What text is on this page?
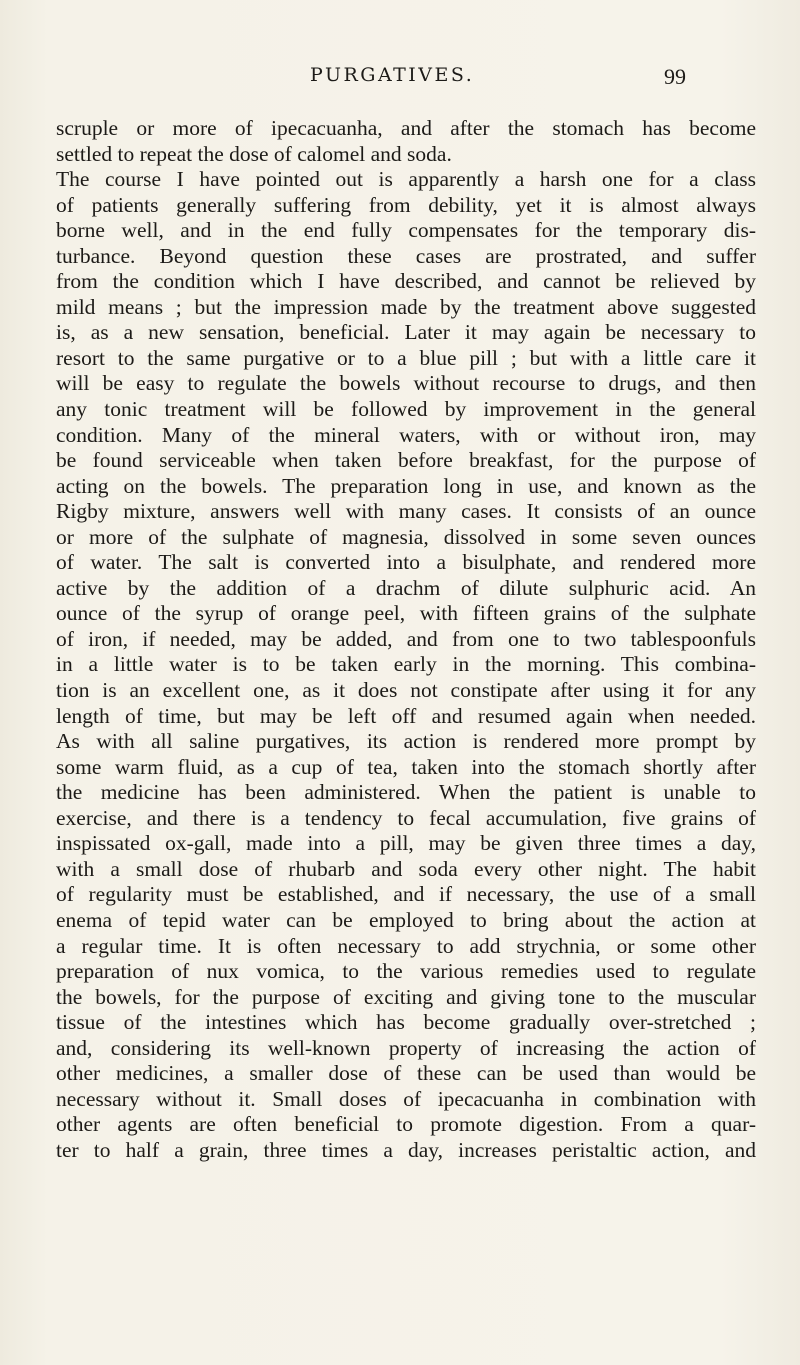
PURGATIVES.	99
scruple or more of ipecacuanha, and after the stomach has become
settled to repeat the dose of calomel and soda.
The course I have pointed out is apparently a harsh one for a class
of patients generally suffering from debility, yet it is almost always
borne well, and in the end fully compensates for the temporary dis-
turbance. Beyond question these cases are prostrated, and suffer
from the condition which I have described, and cannot be relieved by
mild means ; but the impression made by the treatment above suggested
is, as a new sensation, beneficial. Later it may again be necessary to
resort to the same purgative or to a blue pill ; but with a little care it
will be easy to regulate the bowels without recourse to drugs, and then
any tonic treatment will be followed by improvement in the general
condition. Many of the mineral waters, with or without iron, may
be found serviceable when taken before breakfast, for the purpose of
acting on the bowels. The preparation long in use, and known as the
Rigby mixture, answers well with many cases. It consists of an ounce
or more of the sulphate of magnesia, dissolved in some seven ounces
of water. The salt is converted into a bisulphate, and rendered more
active by the addition of a drachm of dilute sulphuric acid. An
ounce of the syrup of orange peel, with fifteen grains of the sulphate
of iron, if needed, may be added, and from one to two tablespoonfuls
in a little water is to be taken early in the morning. This combina-
tion is an excellent one, as it does not constipate after using it for any
length of time, but may be left off and resumed again when needed.
As with all saline purgatives, its action is rendered more prompt by
some warm fluid, as a cup of tea, taken into the stomach shortly after
the medicine has been administered. When the patient is unable to
exercise, and there is a tendency to fecal accumulation, five grains of
inspissated ox-gall, made into a pill, may be given three times a day,
with a small dose of rhubarb and soda every other night. The habit
of regularity must be established, and if necessary, the use of a small
enema of tepid water can be employed to bring about the action at
a regular time. It is often necessary to add strychnia, or some other
preparation of nux vomica, to the various remedies used to regulate
the bowels, for the purpose of exciting and giving tone to the muscular
tissue of the intestines which has become gradually over-stretched ;
and, considering its well-known property of increasing the action of
other medicines, a smaller dose of these can be used than would be
necessary without it. Small doses of ipecacuanha in combination with
other agents are often beneficial to promote digestion. From a quar-
ter to half a grain, three times a day, increases peristaltic action, and
